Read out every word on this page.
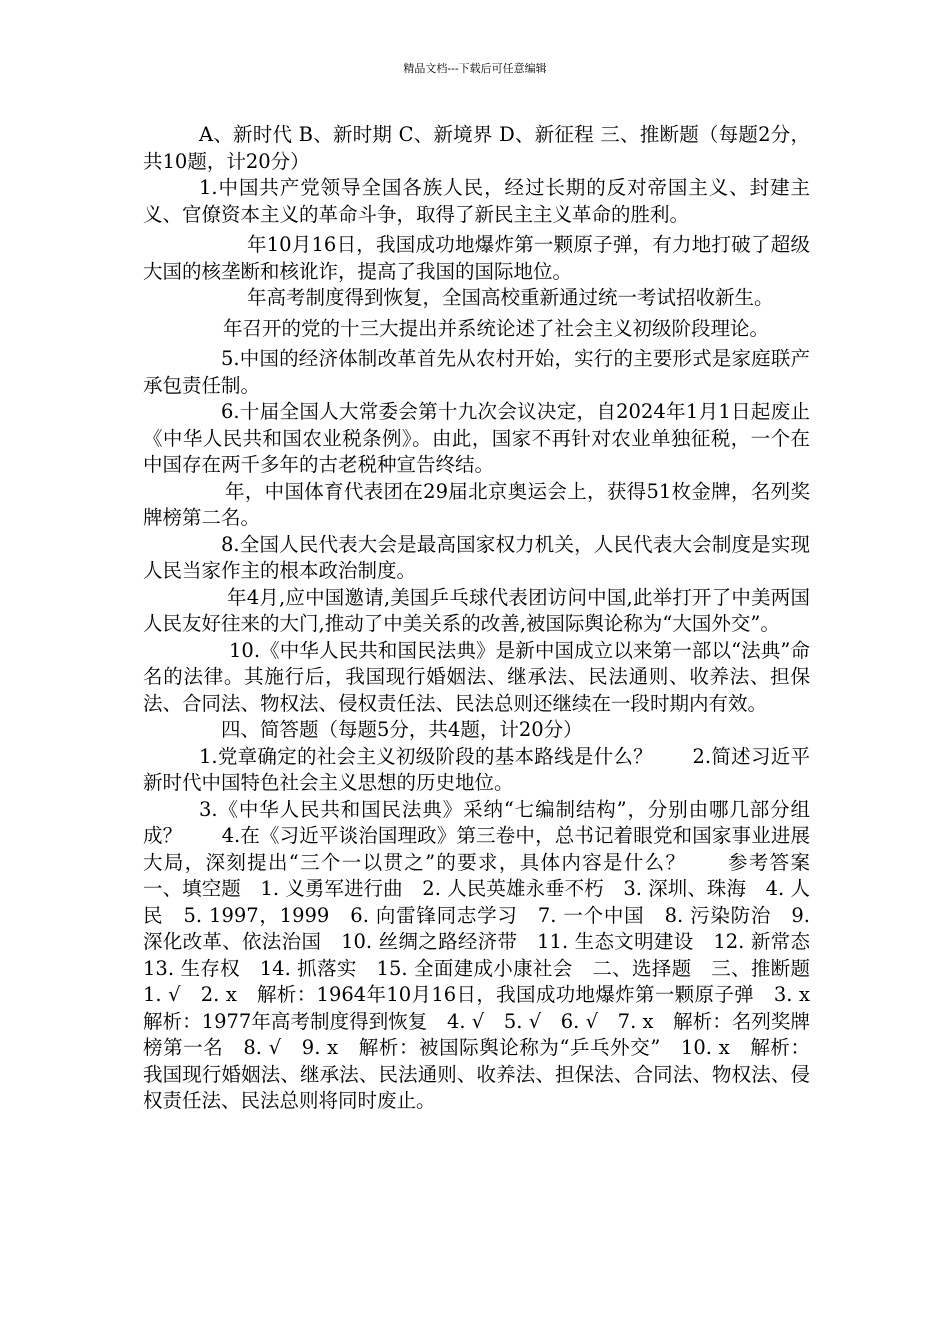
精品文档---下载后可任意编辑

A、新时代 B、新时期 C、新境界 D、新征程 三、推断题（每题2分，共10题，计20分）

1.中国共产党领导全国各族人民，经过长期的反对帝国主义、封建主义、官僚资本主义的革命斗争，取得了新民主主义革命的胜利。

年10月16日，我国成功地爆炸第一颗原子弹，有力地打破了超级大国的核垄断和核讹诈，提高了我国的国际地位。

年高考制度得到恢复，全国高校重新通过统一考试招收新生。

年召开的党的十三大提出并系统论述了社会主义初级阶段理论。

5.中国的经济体制改革首先从农村开始，实行的主要形式是家庭联产承包责任制。

6.十届全国人大常委会第十九次会议决定，自2024年1月1日起废止《中华人民共和国农业税条例》。由此，国家不再针对农业单独征税，一个在中国存在两千多年的古老税种宣告终结。

年，中国体育代表团在29届北京奥运会上，获得51枚金牌，名列奖牌榜第二名。

8.全国人民代表大会是最高国家权力机关，人民代表大会制度是实现人民当家作主的根本政治制度。

年4月,应中国邀请,美国乒乓球代表团访问中国,此举打开了中美两国人民友好往来的大门,推动了中美关系的改善,被国际舆论称为“大国外交”。

10.《中华人民共和国民法典》是新中国成立以来第一部以“法典”命名的法律。其施行后，我国现行婚姻法、继承法、民法通则、收养法、担保法、合同法、物权法、侵权责任法、民法总则还继续在一段时期内有效。

四、简答题（每题5分，共4题，计20分）

1.党章确定的社会主义初级阶段的基本路线是什么？　　2.简述习近平新时代中国特色社会主义思想的历史地位。

3.《中华人民共和国民法典》采纳“七编制结构”，分别由哪几部分组成？　　4.在《习近平谈治国理政》第三卷中，总书记着眼党和国家事业进展大局，深刻提出“三个一以贯之”的要求，具体内容是什么？　　参考答案　一、填空题　1. 义勇军进行曲　2. 人民英雄永垂不朽　3. 深圳、珠海　4. 人民　5. 1997，1999　6. 向雷锋同志学习　7. 一个中国　8. 污染防治　9. 深化改革、依法治国　10. 丝绸之路经济带　11. 生态文明建设　12. 新常态　13. 生存权　14. 抓落实　15. 全面建成小康社会　二、选择题　三、推断题　1. √　2. x　解析：1964年10月16日，我国成功地爆炸第一颗原子弹　3. x　解析：1977年高考制度得到恢复　4. √　5. √　6. √　7. x　解析：名列奖牌榜第一名　8. √　9. x　解析：被国际舆论称为“乒乓外交”　10. x　解析：我国现行婚姻法、继承法、民法通则、收养法、担保法、合同法、物权法、侵权责任法、民法总则将同时废止。
